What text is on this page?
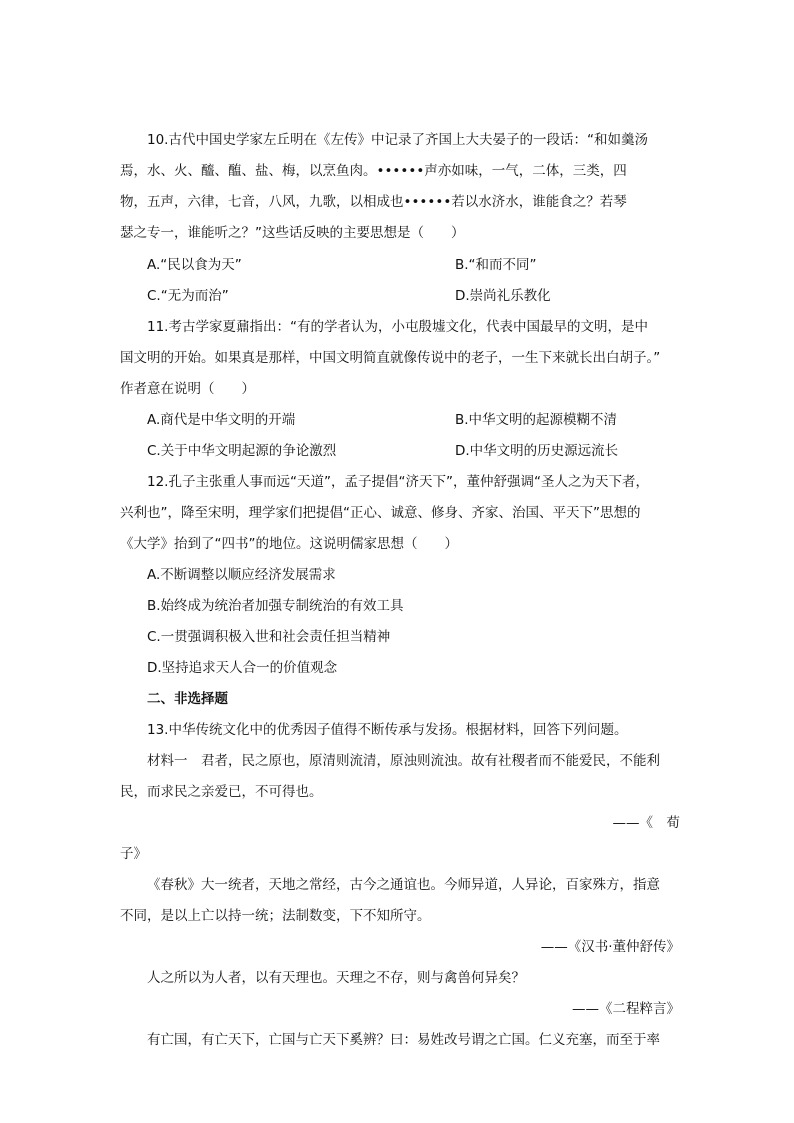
10.古代中国史学家左丘明在《左传》中记录了齐国上大夫晏子的一段话：“和如羹汤
焉，水、火、醯、醢、盐、梅，以烹鱼肉。••••••声亦如味，一气，二体，三类，四
物，五声，六律，七音，八风，九歌，以相成也••••••若以水济水，谁能食之？若琴
瑟之专一，谁能听之？”这些话反映的主要思想是（　　）
A.“民以食为天”	B.“和而不同”
C.“无为而治”	D.崇尚礼乐教化
11.考古学家夏鼐指出：“有的学者认为，小屯殷墟文化，代表中国最早的文明，是中
国文明的开始。如果真是那样，中国文明简直就像传说中的老子，一生下来就长出白胡子。”
作者意在说明（　　）
A.商代是中华文明的开端	B.中华文明的起源模糊不清
C.关于中华文明起源的争论激烈	D.中华文明的历史源远流长
12.孔子主张重人事而远“天道”，孟子提倡“济天下”，董仲舒强调“圣人之为天下者，
兴利也”，降至宋明，理学家们把提倡“正心、诚意、修身、齐家、治国、平天下”思想的
《大学》抬到了“四书”的地位。这说明儒家思想（　　）
A.不断调整以顺应经济发展需求
B.始终成为统治者加强专制统治的有效工具
C.一贯强调积极入世和社会责任担当精神
D.坚持追求天人合一的价值观念
二、非选择题
13.中华传统文化中的优秀因子值得不断传承与发扬。根据材料，回答下列问题。
材料一　君者，民之原也，原清则流清，原浊则流浊。故有社稷者而不能爱民，不能利
民，而求民之亲爱已，不可得也。
——《　荀
子》
《春秋》大一统者，天地之常经，古今之通谊也。今师异道，人异论，百家殊方，指意
不同，是以上亡以持一统；法制数变，下不知所守。
——《汉书·董仲舒传》
人之所以为人者，以有天理也。天理之不存，则与禽兽何异矣？
——《二程粹言》
有亡国，有亡天下，亡国与亡天下奚辨？曰：易姓改号谓之亡国。仁义充塞，而至于率
